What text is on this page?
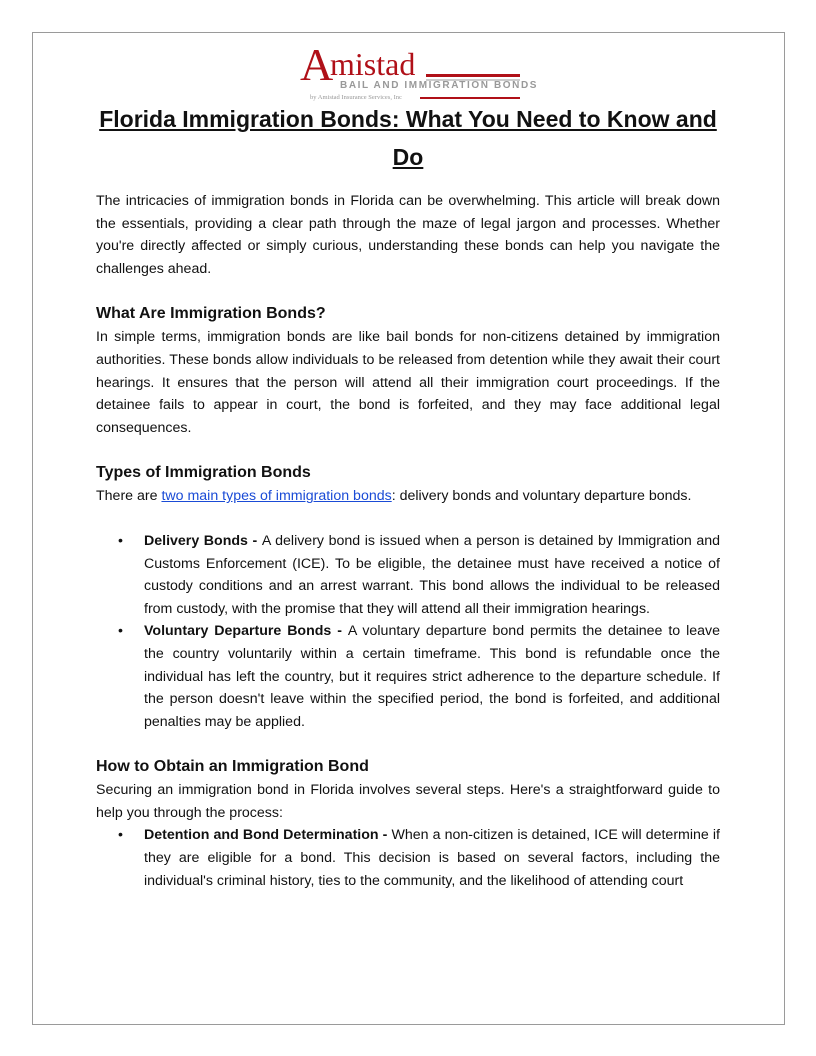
A
mistad
BAIL AND IMMIGRATION BONDS
by Amistad Insurance Services, Inc
Florida Immigration Bonds: What You Need to Know and Do

The intricacies of immigration bonds in Florida can be overwhelming. This article will break down the essentials, providing a clear path through the maze of legal jargon and processes. Whether you're directly affected or simply curious, understanding these bonds can help you navigate the challenges ahead.

What Are Immigration Bonds?

In simple terms, immigration bonds are like bail bonds for non-citizens detained by immigration authorities. These bonds allow individuals to be released from detention while they await their court hearings. It ensures that the person will attend all their immigration court proceedings. If the detainee fails to appear in court, the bond is forfeited, and they may face additional legal consequences.

Types of Immigration Bonds

There are two main types of immigration bonds: delivery bonds and voluntary departure bonds.

• Delivery Bonds - A delivery bond is issued when a person is detained by Immigration and Customs Enforcement (ICE). To be eligible, the detainee must have received a notice of custody conditions and an arrest warrant. This bond allows the individual to be released from custody, with the promise that they will attend all their immigration hearings.
• Voluntary Departure Bonds - A voluntary departure bond permits the detainee to leave the country voluntarily within a certain timeframe. This bond is refundable once the individual has left the country, but it requires strict adherence to the departure schedule. If the person doesn't leave within the specified period, the bond is forfeited, and additional penalties may be applied.
How to Obtain an Immigration Bond

Securing an immigration bond in Florida involves several steps. Here's a straightforward guide to help you through the process:

• Detention and Bond Determination - When a non-citizen is detained, ICE will determine if they are eligible for a bond. This decision is based on several factors, including the individual's criminal history, ties to the community, and the likelihood of attending court
